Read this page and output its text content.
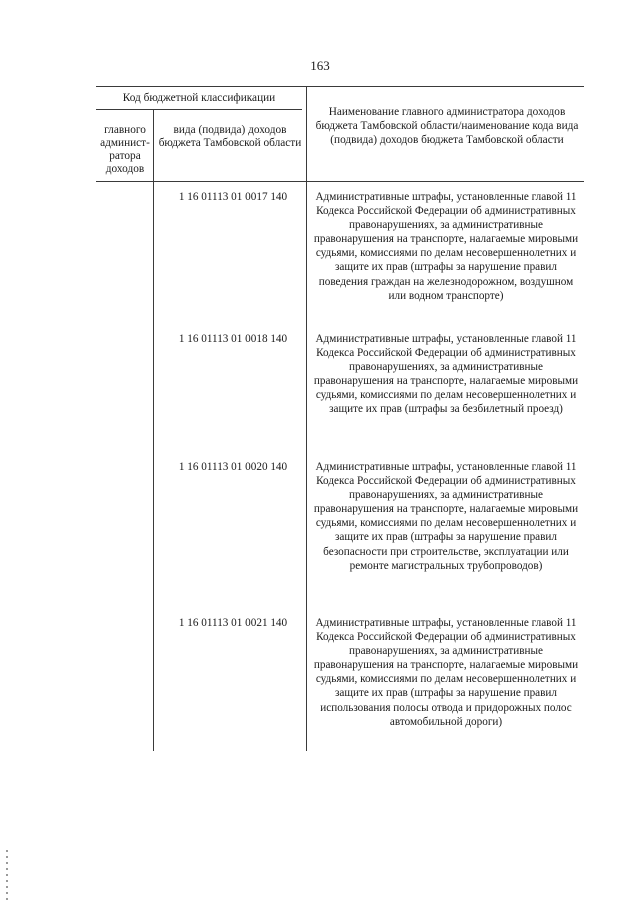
163
Код бюджетной классификации
главного админист-ратора доходов
вида (подвида) доходов бюджета Тамбовской области
Наименование главного администратора доходов бюджета Тамбовской области/наименование кода вида (подвида) доходов бюджета Тамбовской области
1 16 01113 01 0017 140	Административные штрафы, установленные главой 11 Кодекса Российской Федерации об административных правонарушениях, за административные правонарушения на транспорте, налагаемые мировыми судьями, комиссиями по делам несовершеннолетних и защите их прав (штрафы за нарушение правил поведения граждан на железнодорожном, воздушном или водном транспорте)
1 16 01113 01 0018 140	Административные штрафы, установленные главой 11 Кодекса Российской Федерации об административных правонарушениях, за административные правонарушения на транспорте, налагаемые мировыми судьями, комиссиями по делам несовершеннолетних и защите их прав (штрафы за безбилетный проезд)
1 16 01113 01 0020 140	Административные штрафы, установленные главой 11 Кодекса Российской Федерации об административных правонарушениях, за административные правонарушения на транспорте, налагаемые мировыми судьями, комиссиями по делам несовершеннолетних и защите их прав (штрафы за нарушение правил безопасности при строительстве, эксплуатации или ремонте магистральных трубопроводов)
1 16 01113 01 0021 140	Административные штрафы, установленные главой 11 Кодекса Российской Федерации об административных правонарушениях, за административные правонарушения на транспорте, налагаемые мировыми судьями, комиссиями по делам несовершеннолетних и защите их прав (штрафы за нарушение правил использования полосы отвода и придорожных полос автомобильной дороги)
